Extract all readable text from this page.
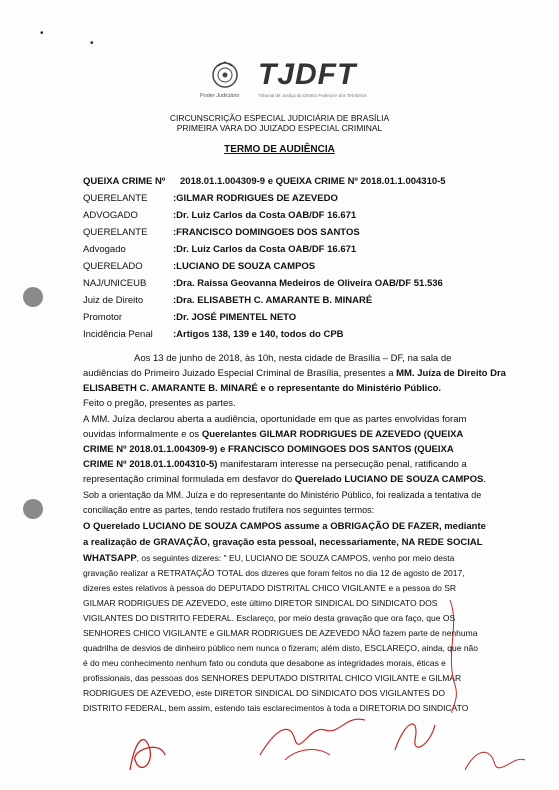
•
•
TJDFT
Poder Judiciário	Tribunal de Justiça do Distrito Federal e dos Territórios
CIRCUNSCRIÇÃO ESPECIAL JUDICIÁRIA DE BRASÍLIA
PRIMEIRA VARA DO JUIZADO ESPECIAL CRIMINAL
TERMO DE AUDIÊNCIA
QUEIXA CRIME Nº 2018.01.1.004309-9 e QUEIXA CRIME Nº 2018.01.1.004310-5
QUERELANTE	:GILMAR RODRIGUES DE AZEVEDO
ADVOGADO	:Dr. Luiz Carlos da Costa OAB/DF 16.671
QUERELANTE	:FRANCISCO DOMINGOES DOS SANTOS
Advogado	:Dr. Luiz Carlos da Costa OAB/DF 16.671
QUERELADO	:LUCIANO DE SOUZA CAMPOS
NAJ/UNICEUB	:Dra. Raissa Geovanna Medeiros de Oliveira OAB/DF 51.536
Juiz de Direito	:Dra. ELISABETH C. AMARANTE B. MINARÉ
Promotor	:Dr. JOSÉ PIMENTEL NETO
Incidência Penal :Artigos 138, 139 e 140, todos do CPB
Aos 13 de junho de 2018, às 10h, nesta cidade de Brasília – DF, na sala de
audiências do Primeiro Juizado Especial Criminal de Brasília, presentes a MM. Juíza de Direito Dra
ELISABETH C. AMARANTE B. MINARÉ e o representante do Ministério Público.
Feito o pregão, presentes as partes.
A MM. Juíza declarou aberta a audiência, oportunidade em que as partes envolvidas foram
ouvidas informalmente e os Querelantes GILMAR RODRIGUES DE AZEVEDO (QUEIXA
CRIME Nº 2018.01.1.004309-9) e FRANCISCO DOMINGOES DOS SANTOS (QUEIXA
CRIME Nº 2018.01.1.004310-5) manifestaram interesse na persecução penal, ratificando a
representação criminal formulada em desfavor do Querelado LUCIANO DE SOUZA CAMPOS.
Sob a orientação da MM. Juíza e do representante do Ministério Público, foi realizada a tentativa de
conciliação entre as partes, tendo restado frutífera nos seguintes termos:
O Querelado LUCIANO DE SOUZA CAMPOS assume a OBRIGAÇÃO DE FAZER, mediante
a realização de GRAVAÇÃO, gravação esta pessoal, necessariamente, NA REDE SOCIAL
WHATSAPP, os seguintes dizeres: " EU, LUCIANO DE SOUZA CAMPOS, venho por meio desta
gravação realizar a RETRATAÇÃO TOTAL dos dizeres que foram feitos no dia 12 de agosto de 2017,
dizeres estes relativos à pessoa do DEPUTADO DISTRITAL CHICO VIGILANTE e a pessoa do SR
GILMAR RODRIGUES DE AZEVEDO, este último DIRETOR SINDICAL DO SINDICATO DOS
VIGILANTES DO DISTRITO FEDERAL. Esclareço, por meio desta gravação que ora faço, que OS
SENHORES CHICO VIGILANTE e GILMAR RODRIGUES DE AZEVEDO NÃO fazem parte de nenhuma
quadrilha de desvios de dinheiro público nem nunca o fizeram; além disto, ESCLAREÇO, ainda, que não
é do meu conhecimento nenhum fato ou conduta que desabone as integridades morais, éticas e
profissionais, das pessoas dos SENHORES DEPUTADO DISTRITAL CHICO VIGILANTE e GILMAR
RODRIGUES DE AZEVEDO, este DIRETOR SINDICAL DO SINDICATO DOS VIGILANTES DO
DISTRITO FEDERAL, bem assim, estendo tais esclarecimentos à toda a DIRETORIA DO SINDICATO
